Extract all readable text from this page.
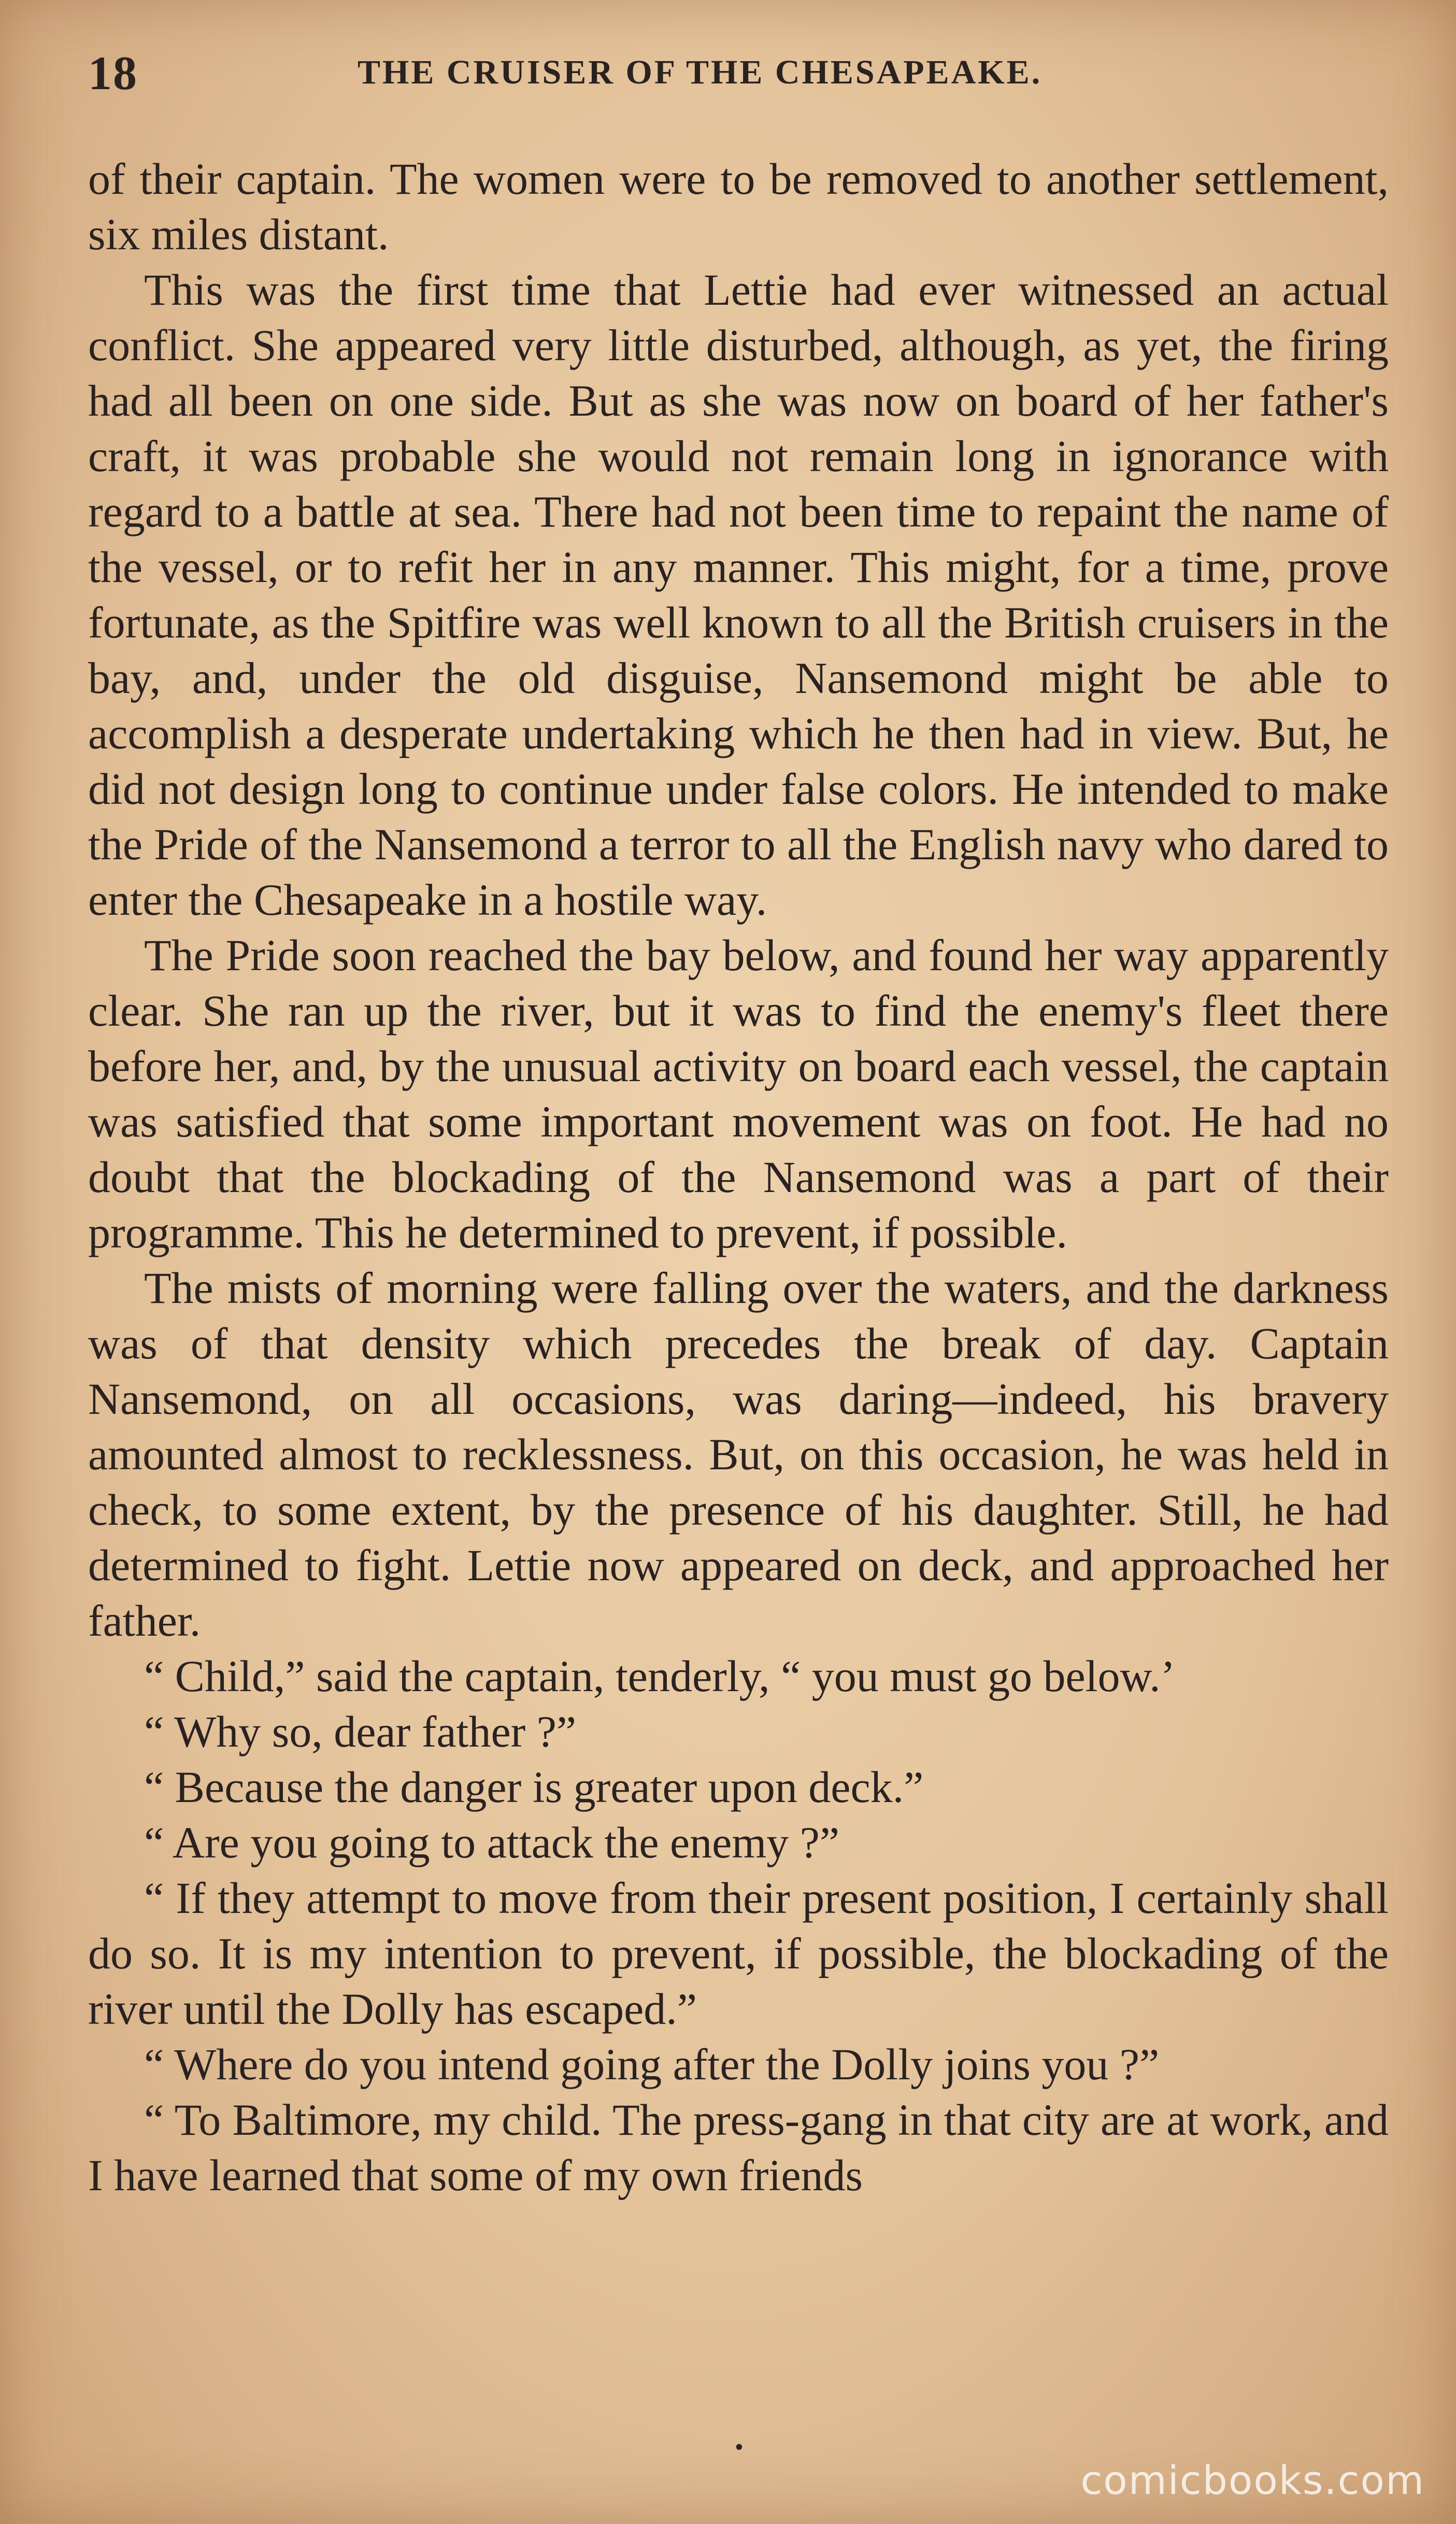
18	THE CRUISER OF THE CHESAPEAKE.

of their captain. The women were to be removed to another settlement, six miles distant.

This was the first time that Lettie had ever witnessed an actual conflict. She appeared very little disturbed, although, as yet, the firing had all been on one side. But as she was now on board of her father's craft, it was probable she would not remain long in ignorance with regard to a battle at sea. There had not been time to repaint the name of the vessel, or to refit her in any manner. This might, for a time, prove fortunate, as the Spitfire was well known to all the British cruisers in the bay, and, under the old disguise, Nansemond might be able to accomplish a desperate undertaking which he then had in view. But, he did not design long to continue under false colors. He intended to make the Pride of the Nansemond a terror to all the English navy who dared to enter the Chesapeake in a hostile way.

The Pride soon reached the bay below, and found her way apparently clear. She ran up the river, but it was to find the enemy's fleet there before her, and, by the unusual activity on board each vessel, the captain was satisfied that some important movement was on foot. He had no doubt that the blockading of the Nansemond was a part of their programme. This he determined to prevent, if possible.

The mists of morning were falling over the waters, and the darkness was of that density which precedes the break of day. Captain Nansemond, on all occasions, was daring—indeed, his bravery amounted almost to recklessness. But, on this occasion, he was held in check, to some extent, by the presence of his daughter. Still, he had determined to fight. Lettie now appeared on deck, and approached her father.

“ Child,” said the captain, tenderly, “ you must go below.’

“ Why so, dear father ?”

“ Because the danger is greater upon deck.”

“ Are you going to attack the enemy ?”

“ If they attempt to move from their present position, I certainly shall do so. It is my intention to prevent, if possible, the blockading of the river until the Dolly has escaped.”

“ Where do you intend going after the Dolly joins you ?”

“ To Baltimore, my child. The press-gang in that city are at work, and I have learned that some of my own friends

•
comicbooks.com
